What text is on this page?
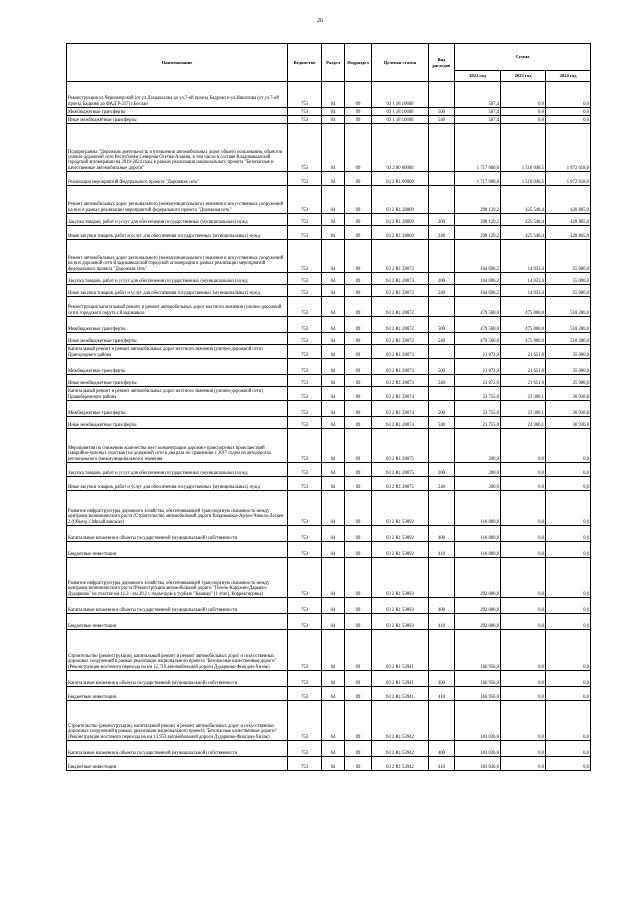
26
Наименование	Ведомство	Раздел	Подраздел	Целевая статья	Вид расходов	Сумма		
						2022 год	2023 год	2024 год
Реконструкция ул.Черноморской (от ул.Дзарахохова до ул.7-ой проезд Бадрово и ул.Никитина (от ул.7-ой проезд Бадрово до ФАД Р-217) г.Беслан	753	04	09	03 1 18 10600		507,4	0,0	0,0
Межбюджетные трансферты	753	04	09	03 1 18 10600	500	507,4	0,0	0,0
Иные межбюджетные трансферты	753	04	09	03 1 18 10600	540	507,4	0,0	0,0
Подпрограмма "Дорожная деятельность в отношении автомобильных дорог общего пользования, объектов улично-дорожной сети Республики Северная Осетия-Алания, в том числе в составе Владикавказской городской агломерации на 2019-2024 годы в рамках реализации национального проекта "Безопасные и качественные автомобильные дороги"	753	04	09	03 2 00 00000		1 717 006,0	1 510 048,5	1 872 618,0
Реализация мероприятий Федерального проекта "Дорожная сеть"	753	04	09	03 2 R1 00000		1 717 006,0	1 510 048,5	1 872 618,0
Ремонт автомобильных дорог регионального (межмуниципального) значения и искусственных сооружений на них в рамках реализации мероприятий федерального проекта "Дорожная сеть"	753	04	09	03 2 R1 28069		298 129,2	425 548,4	428 865,0
Закупка товаров, работ и услуг для обеспечения государственных (муниципальных) нужд	753	04	09	03 2 R1 28069	200	298 129,2	425 548,4	428 865,0
Иные закупки товаров, работ и услуг для обеспечения государственных (муниципальных) нужд	753	04	09	03 2 R1 28069	240	298 129,2	425 548,4	428 865,0
Ремонт автомобильных дорог регионального (межмуниципального) значения и искусственных сооружений на них дорожной сети Владикавказской городской агломерации в рамках реализации мероприятий федерального проекта "Дорожная сеть"	753	04	09	03 2 R1 28073		164 696,2	14 033,4	55 000,0
Закупка товаров, работ и услуг для обеспечения государственных (муниципальных) нужд	753	04	09	03 2 R1 28073	200	164 696,2	14 033,4	55 000,0
Иные закупки товаров, работ и услуг для обеспечения государственных (муниципальных) нужд	753	04	09	03 2 R1 28073	240	164 696,2	14 033,4	55 000,0
Реконструкция капитальный ремонт и ремонт автомобильных дорог местного значения (улично-дорожной сети) городского округа г.Владикавказ	753	04	09	03 2 R1 28072		479 560,0	475 000,0	518 280,0
Межбюджетные трансферты	753	04	09	03 2 R1 28072	500	479 560,0	475 000,0	518 280,0
Иные межбюджетные трансферты	753	04	09	03 2 R1 28072	540	479 560,0	475 000,0	518 280,0
Капитальный ремонт и ремонт автомобильных дорог местного значения (улично-дорожной сети) Пригородного района	753	04	09	03 2 R1 28073		21 872,0	21 651,0	35 000,0
Межбюджетные трансферты	753	04	09	03 2 R1 28073	500	21 872,0	21 651,0	35 000,0
Иные межбюджетные трансферты	753	04	09	03 2 R1 28073	540	21 872,0	21 651,0	35 000,0
Капитальный ремонт и ремонт автомобильных дорог местного значения (улично-дорожной сети) Правобережного района	753	04	09	03 2 R1 28074		23 755,0	23 300,1	30 936,8
Межбюджетные трансферты	753	04	09	03 2 R1 28074	500	23 755,0	23 300,1	30 936,8
Иные межбюджетные трансферты	753	04	09	03 2 R1 28074	540	23 755,0	23 300,1	30 936,8
Мероприятия по снижению количества мест концентрации дорожно-транспортных происшествий (аварийно-опасных участков) на дорожной сети в два раза по сравнению с 2017 годом на автодорогах регионального (межмуниципального) значения	753	04	09	03 2 R1 28075		200,0	0,0	0,0
Закупка товаров, работ и услуг для обеспечения государственных (муниципальных) нужд	753	04	09	03 2 R1 28075	200	200,0	0,0	0,0
Иные закупки товаров, работ и услуг для обеспечения государственных (муниципальных) нужд	753	04	09	03 2 R1 28075	240	200,0	0,0	0,0
Развитие инфраструктуры дорожного хозяйства, обеспечивающей транспортную связанность между центрами экономического роста (Строительство автомобильной дороги Владикавказ-Архон-Чикола-Лескен 2 (Объезд с.Михайловское))	753	04	09	03 2 R1 53892		110 800,0	0,0	0,0
Капитальные вложения в объекты государственной (муниципальной) собственности	753	04	09	03 2 R1 53892	400	110 800,0	0,0	0,0
Бюджетные инвестиции	753	04	09	03 2 R1 53892	410	110 800,0	0,0	0,0
Развитие инфраструктуры дорожного хозяйства, обеспечивающей транспортную связанность между центрами экономического роста (Реконструкция автомобильной дороги "Гизель-Карджин-Дарьяло-Дударково" на участке км 11,2 - км 28,2 с подъездом к турбазе "Кашкар" (1 этап), Корректировка)	753	04	09	03 2 R1 53893		292 000,0	0,0	0,0
Капитальные вложения в объекты государственной (муниципальной) собственности	753	04	09	03 2 R1 53893	400	292 000,0	0,0	0,0
Бюджетные инвестиции	753	04	09	03 2 R1 53893	410	292 000,0	0,0	0,0
Строительство (реконструкция), капитальный ремонт и ремонт автомобильных дорог и искусственных дорожных сооружений в рамках реализации национального проекта "Безопасные качественные дороги"(Реконструкция мостового перехода на км 12,719 автомобильной дороги Дударково-Фиагдон-Хилак)	753	04	09	03 2 R1 53941		166 956,0	0,0	0,0
Капитальные вложения в объекты государственной (муниципальной) собственности	753	04	09	03 2 R1 53941	400	166 956,0	0,0	0,0
Бюджетные инвестиции	753	04	09	03 2 R1 53941	410	166 956,0	0,0	0,0
Строительство (реконструкция), капитальный ремонт и ремонт автомобильных дорог и искусственных дорожных сооружений в рамках реализации национального проекта "Безопасные качественные дороги" (Реконструкция мостового перехода на км 14,953 автомобильной дороги Дударково-Фиагдон-Хилак)	753	04	09	03 2 R1 53942		183 036,6	0,0	0,0
Капитальные вложения в объекты государственной (муниципальной) собственности	753	04	09	03 2 R1 53942	400	183 036,6	0,0	0,0
Бюджетные инвестиции	753	04	09	03 2 R1 53942	410	183 036,6	0,0	0,0
